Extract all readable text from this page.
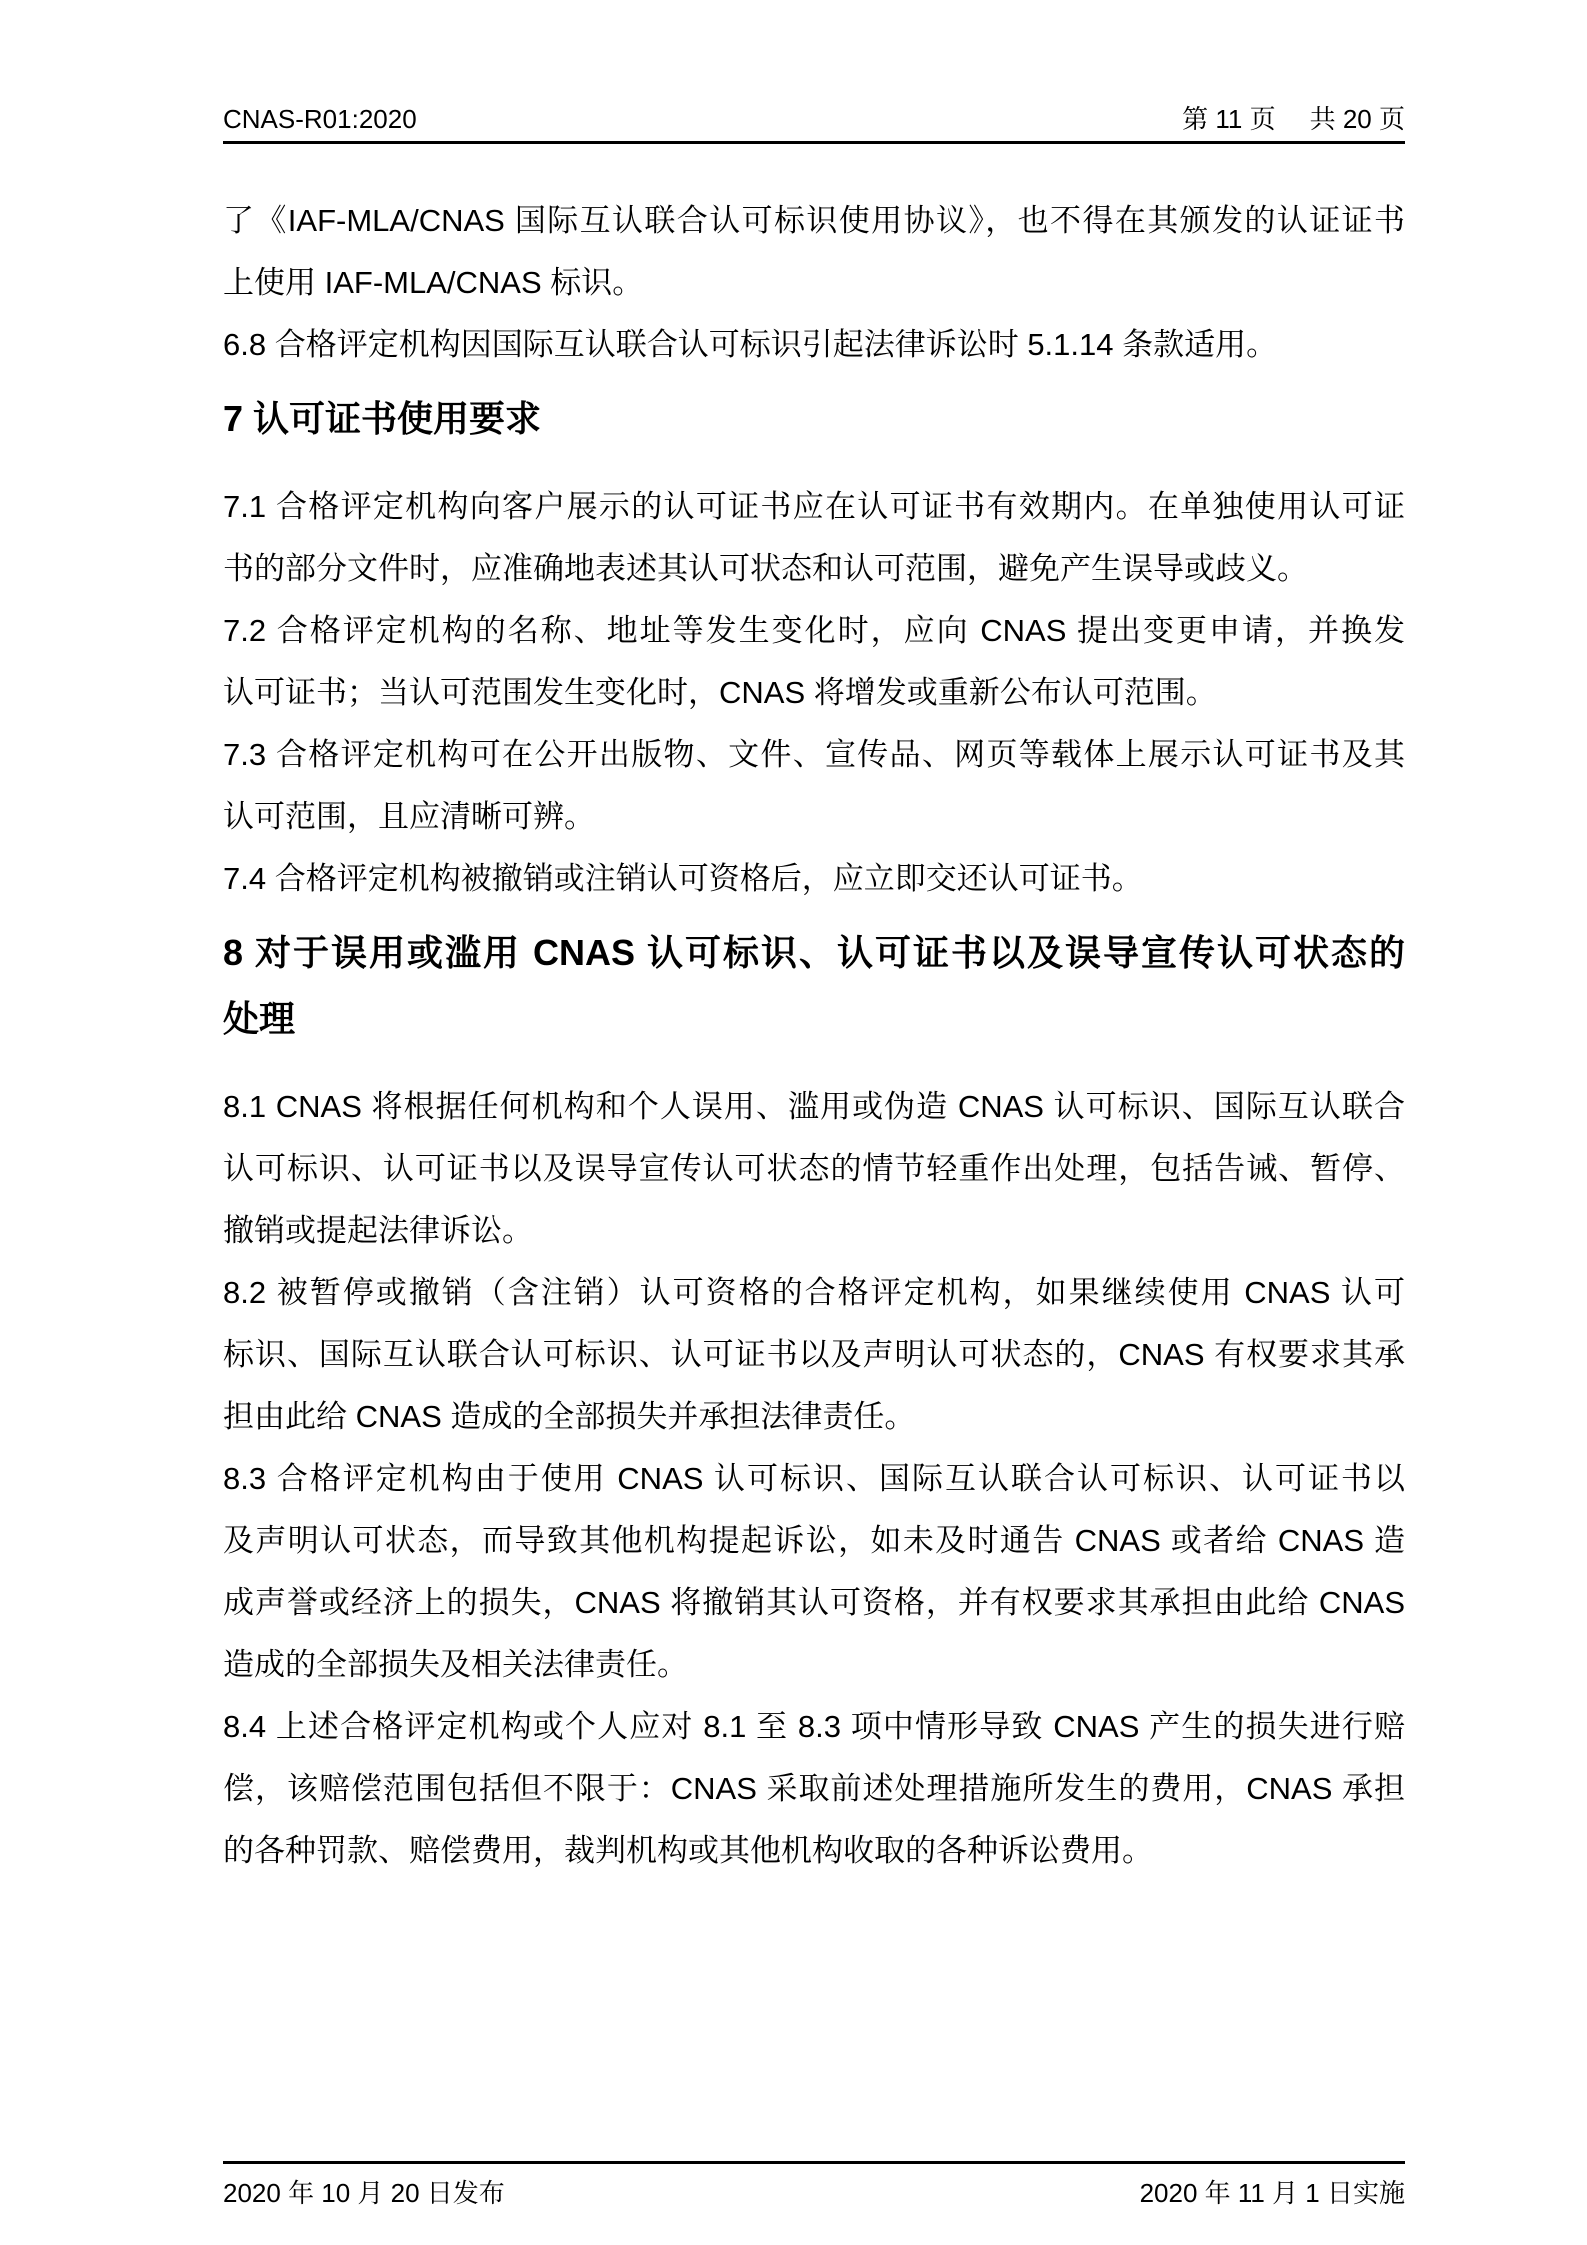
CNAS-R01:2020	第 11 页 共 20 页

了《IAF-MLA/CNAS 国际互认联合认可标识使用协议》，也不得在其颁发的认证证书
上使用 IAF-MLA/CNAS 标识。

6.8 合格评定机构因国际互认联合认可标识引起法律诉讼时 5.1.14 条款适用。

7 认可证书使用要求

7.1 合格评定机构向客户展示的认可证书应在认可证书有效期内。在单独使用认可证
书的部分文件时，应准确地表述其认可状态和认可范围，避免产生误导或歧义。

7.2 合格评定机构的名称、地址等发生变化时，应向 CNAS 提出变更申请，并换发
认可证书；当认可范围发生变化时，CNAS 将增发或重新公布认可范围。

7.3 合格评定机构可在公开出版物、文件、宣传品、网页等载体上展示认可证书及其
认可范围，且应清晰可辨。

7.4 合格评定机构被撤销或注销认可资格后，应立即交还认可证书。

8 对于误用或滥用 CNAS 认可标识、认可证书以及误导宣传认可状态的
处理

8.1 CNAS 将根据任何机构和个人误用、滥用或伪造 CNAS 认可标识、国际互认联合
认可标识、认可证书以及误导宣传认可状态的情节轻重作出处理，包括告诫、暂停、
撤销或提起法律诉讼。

8.2 被暂停或撤销（含注销）认可资格的合格评定机构，如果继续使用 CNAS 认可
标识、国际互认联合认可标识、认可证书以及声明认可状态的，CNAS 有权要求其承
担由此给 CNAS 造成的全部损失并承担法律责任。

8.3 合格评定机构由于使用 CNAS 认可标识、国际互认联合认可标识、认可证书以
及声明认可状态，而导致其他机构提起诉讼，如未及时通告 CNAS 或者给 CNAS 造
成声誉或经济上的损失，CNAS 将撤销其认可资格，并有权要求其承担由此给 CNAS
造成的全部损失及相关法律责任。

8.4 上述合格评定机构或个人应对 8.1 至 8.3 项中情形导致 CNAS 产生的损失进行赔
偿，该赔偿范围包括但不限于：CNAS 采取前述处理措施所发生的费用，CNAS 承担
的各种罚款、赔偿费用，裁判机构或其他机构收取的各种诉讼费用。

2020 年 10 月 20 日发布	2020 年 11 月 1 日实施
